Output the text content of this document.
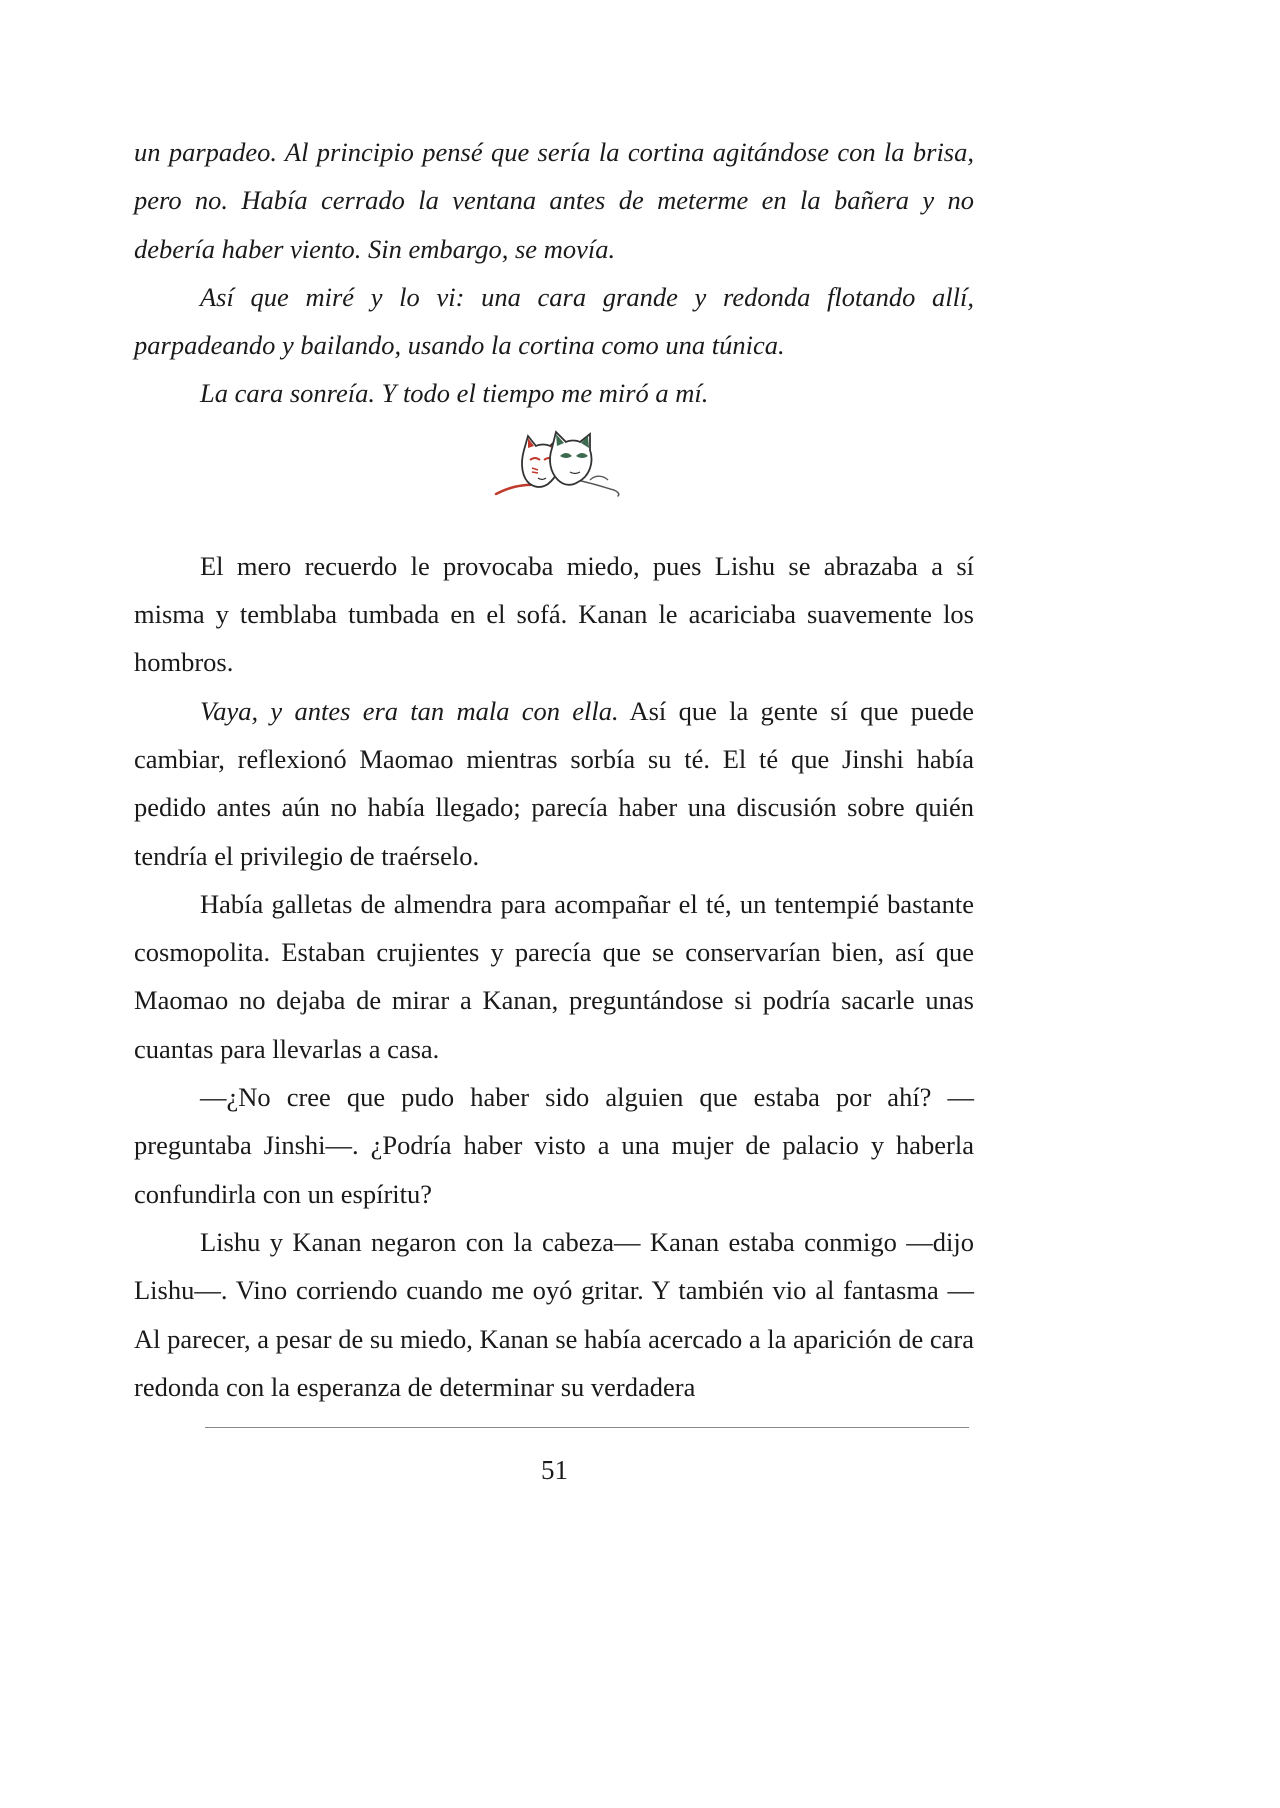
un parpadeo. Al principio pensé que sería la cortina agitándose con la brisa, pero no. Había cerrado la ventana antes de meterme en la bañera y no debería haber viento. Sin embargo, se movía.

Así que miré y lo vi: una cara grande y redonda flotando allí, parpadeando y bailando, usando la cortina como una túnica.

La cara sonreía. Y todo el tiempo me miró a mí.

El mero recuerdo le provocaba miedo, pues Lishu se abrazaba a sí misma y temblaba tumbada en el sofá. Kanan le acariciaba suavemente los hombros.

Vaya, y antes era tan mala con ella. Así que la gente sí que puede cambiar, reflexionó Maomao mientras sorbía su té. El té que Jinshi había pedido antes aún no había llegado; parecía haber una discusión sobre quién tendría el privilegio de traérselo.

Había galletas de almendra para acompañar el té, un tentempié bastante cosmopolita. Estaban crujientes y parecía que se conservarían bien, así que Maomao no dejaba de mirar a Kanan, preguntándose si podría sacarle unas cuantas para llevarlas a casa.

—¿No cree que pudo haber sido alguien que estaba por ahí? —preguntaba Jinshi—. ¿Podría haber visto a una mujer de palacio y haberla confundirla con un espíritu?

Lishu y Kanan negaron con la cabeza— Kanan estaba conmigo —dijo Lishu—. Vino corriendo cuando me oyó gritar. Y también vio al fantasma —Al parecer, a pesar de su miedo, Kanan se había acercado a la aparición de cara redonda con la esperanza de determinar su verdadera

51
